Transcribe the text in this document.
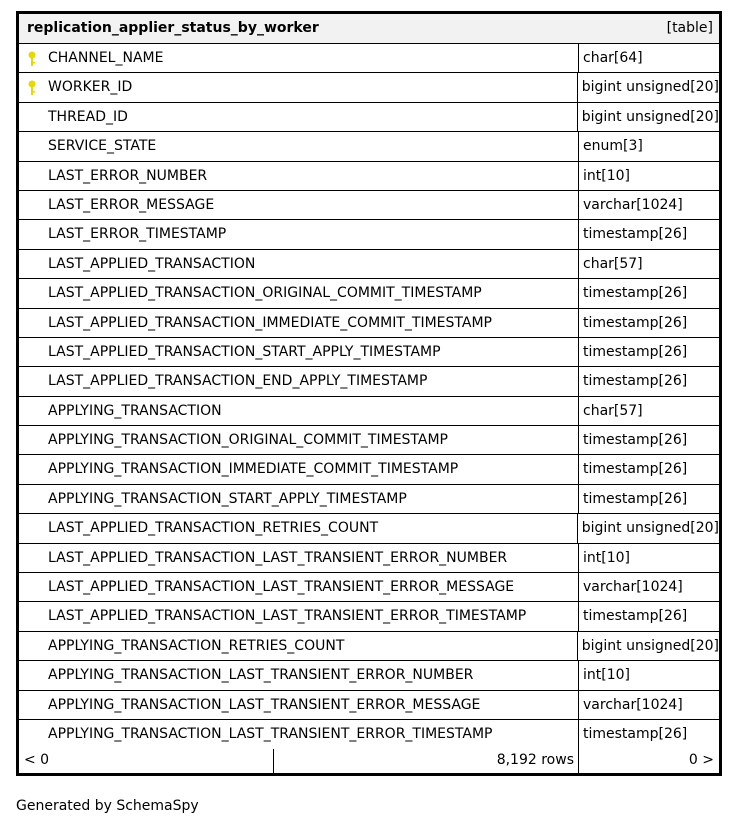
replication_applier_status_by_worker	[table]
CHANNEL_NAME	char[64]
WORKER_ID	bigint unsigned[20]
THREAD_ID	bigint unsigned[20]
SERVICE_STATE	enum[3]
LAST_ERROR_NUMBER	int[10]
LAST_ERROR_MESSAGE	varchar[1024]
LAST_ERROR_TIMESTAMP	timestamp[26]
LAST_APPLIED_TRANSACTION	char[57]
LAST_APPLIED_TRANSACTION_ORIGINAL_COMMIT_TIMESTAMP	timestamp[26]
LAST_APPLIED_TRANSACTION_IMMEDIATE_COMMIT_TIMESTAMP	timestamp[26]
LAST_APPLIED_TRANSACTION_START_APPLY_TIMESTAMP	timestamp[26]
LAST_APPLIED_TRANSACTION_END_APPLY_TIMESTAMP	timestamp[26]
APPLYING_TRANSACTION	char[57]
APPLYING_TRANSACTION_ORIGINAL_COMMIT_TIMESTAMP	timestamp[26]
APPLYING_TRANSACTION_IMMEDIATE_COMMIT_TIMESTAMP	timestamp[26]
APPLYING_TRANSACTION_START_APPLY_TIMESTAMP	timestamp[26]
LAST_APPLIED_TRANSACTION_RETRIES_COUNT	bigint unsigned[20]
LAST_APPLIED_TRANSACTION_LAST_TRANSIENT_ERROR_NUMBER	int[10]
LAST_APPLIED_TRANSACTION_LAST_TRANSIENT_ERROR_MESSAGE	varchar[1024]
LAST_APPLIED_TRANSACTION_LAST_TRANSIENT_ERROR_TIMESTAMP	timestamp[26]
APPLYING_TRANSACTION_RETRIES_COUNT	bigint unsigned[20]
APPLYING_TRANSACTION_LAST_TRANSIENT_ERROR_NUMBER	int[10]
APPLYING_TRANSACTION_LAST_TRANSIENT_ERROR_MESSAGE	varchar[1024]
APPLYING_TRANSACTION_LAST_TRANSIENT_ERROR_TIMESTAMP	timestamp[26]
< 0	8,192 rows	0 >
Generated by SchemaSpy
